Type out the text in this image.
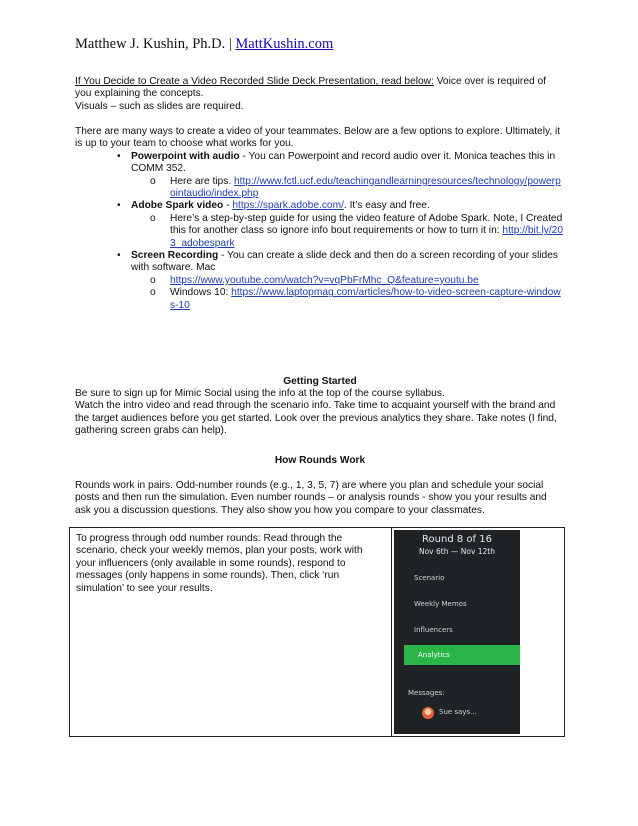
Matthew J. Kushin, Ph.D. | MattKushin.com
If You Decide to Create a Video Recorded Slide Deck Presentation, read below: Voice over is required of you explaining the concepts.
Visuals – such as slides are required.
There are many ways to create a video of your teammates. Below are a few options to explore. Ultimately, it is up to your team to choose what works for you.
• Powerpoint with audio - You can Powerpoint and record audio over it. Monica teaches this in COMM 352.
o Here are tips. http://www.fctl.ucf.edu/teachingandlearningresources/technology/powerpointaudio/index.php
• Adobe Spark video - https://spark.adobe.com/. It’s easy and free.
o Here’s a step-by-step guide for using the video feature of Adobe Spark. Note, I Created this for another class so ignore info bout requirements or how to turn it in: http://bit.ly/203_adobespark
• Screen Recording - You can create a slide deck and then do a screen recording of your slides with software. Mac
o https://www.youtube.com/watch?v=vqPbFrMhc_Q&feature=youtu.be
o Windows 10: https://www.laptopmag.com/articles/how-to-video-screen-capture-windows-10
Getting Started
Be sure to sign up for Mimic Social using the info at the top of the course syllabus.
Watch the intro video and read through the scenario info. Take time to acquaint yourself with the brand and the target audiences before you get started. Look over the previous analytics they share. Take notes (I find, gathering screen grabs can help).
How Rounds Work
Rounds work in pairs. Odd-number rounds (e.g., 1, 3, 5, 7) are where you plan and schedule your social posts and then run the simulation. Even number rounds – or analysis rounds - show you your results and ask you a discussion questions. They also show you how you compare to your classmates.
To progress through odd number rounds: Read through the scenario, check your weekly memos, plan your posts, work with your influencers (only available in some rounds), respond to messages (only happens in some rounds). Then, click ‘run simulation’ to see your results.
Round 8 of 16
Nov 6th — Nov 12th
Scenario
Weekly Memos
Influencers
Analytics
Messages:
Sue says...
